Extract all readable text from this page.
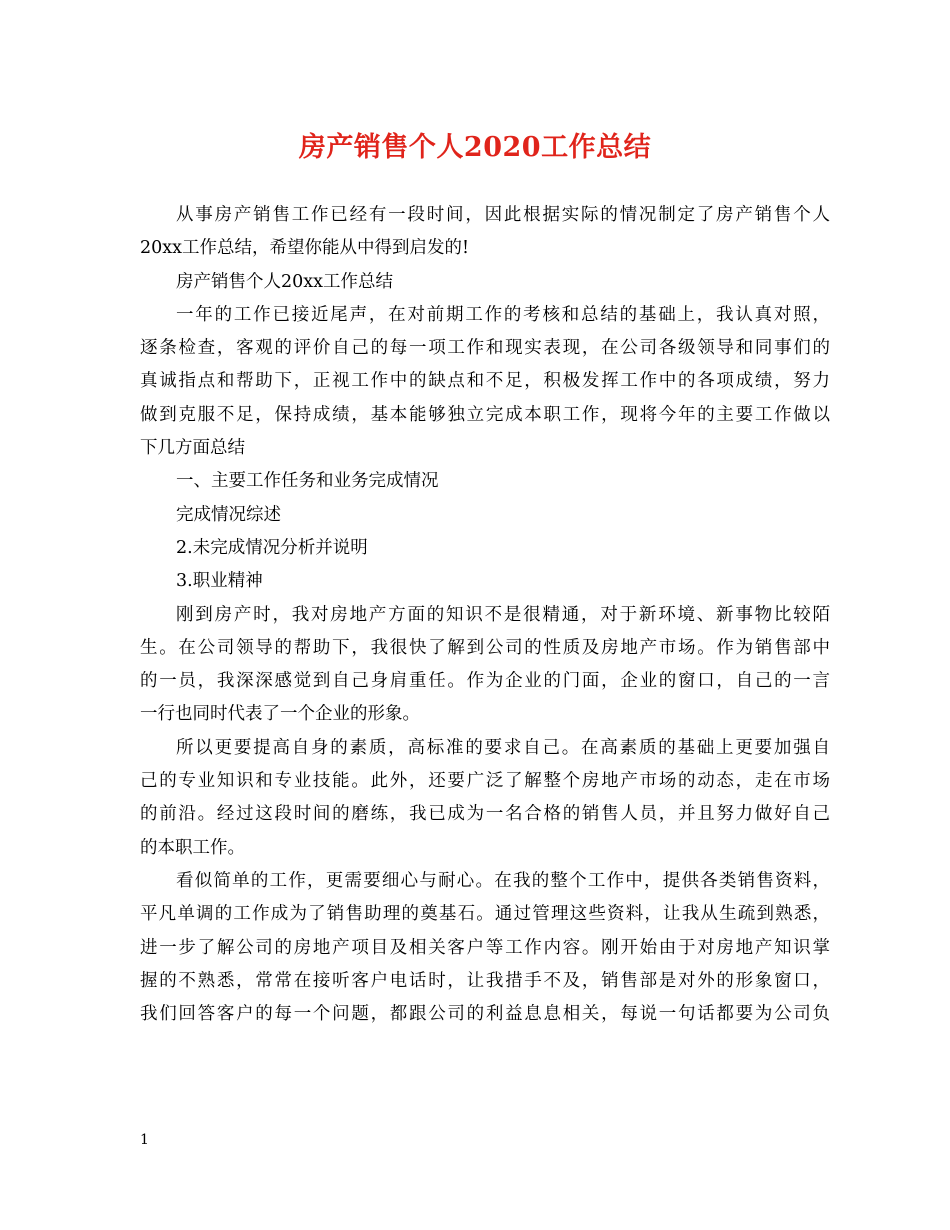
房产销售个人2020工作总结
从事房产销售工作已经有一段时间，因此根据实际的情况制定了房产销售个人
20xx工作总结，希望你能从中得到启发的!
房产销售个人20xx工作总结
一年的工作已接近尾声，在对前期工作的考核和总结的基础上，我认真对照，
逐条检查，客观的评价自己的每一项工作和现实表现，在公司各级领导和同事们的
真诚指点和帮助下，正视工作中的缺点和不足，积极发挥工作中的各项成绩，努力
做到克服不足，保持成绩，基本能够独立完成本职工作，现将今年的主要工作做以
下几方面总结
一、主要工作任务和业务完成情况
完成情况综述
2.未完成情况分析并说明
3.职业精神
刚到房产时，我对房地产方面的知识不是很精通，对于新环境、新事物比较陌
生。在公司领导的帮助下，我很快了解到公司的性质及房地产市场。作为销售部中
的一员，我深深感觉到自己身肩重任。作为企业的门面，企业的窗口，自己的一言
一行也同时代表了一个企业的形象。
所以更要提高自身的素质，高标准的要求自己。在高素质的基础上更要加强自
己的专业知识和专业技能。此外，还要广泛了解整个房地产市场的动态，走在市场
的前沿。经过这段时间的磨练，我已成为一名合格的销售人员，并且努力做好自己
的本职工作。
看似简单的工作，更需要细心与耐心。在我的整个工作中，提供各类销售资料，
平凡单调的工作成为了销售助理的奠基石。通过管理这些资料，让我从生疏到熟悉，
进一步了解公司的房地产项目及相关客户等工作内容。刚开始由于对房地产知识掌
握的不熟悉，常常在接听客户电话时，让我措手不及，销售部是对外的形象窗口，
我们回答客户的每一个问题，都跟公司的利益息息相关，每说一句话都要为公司负
1
